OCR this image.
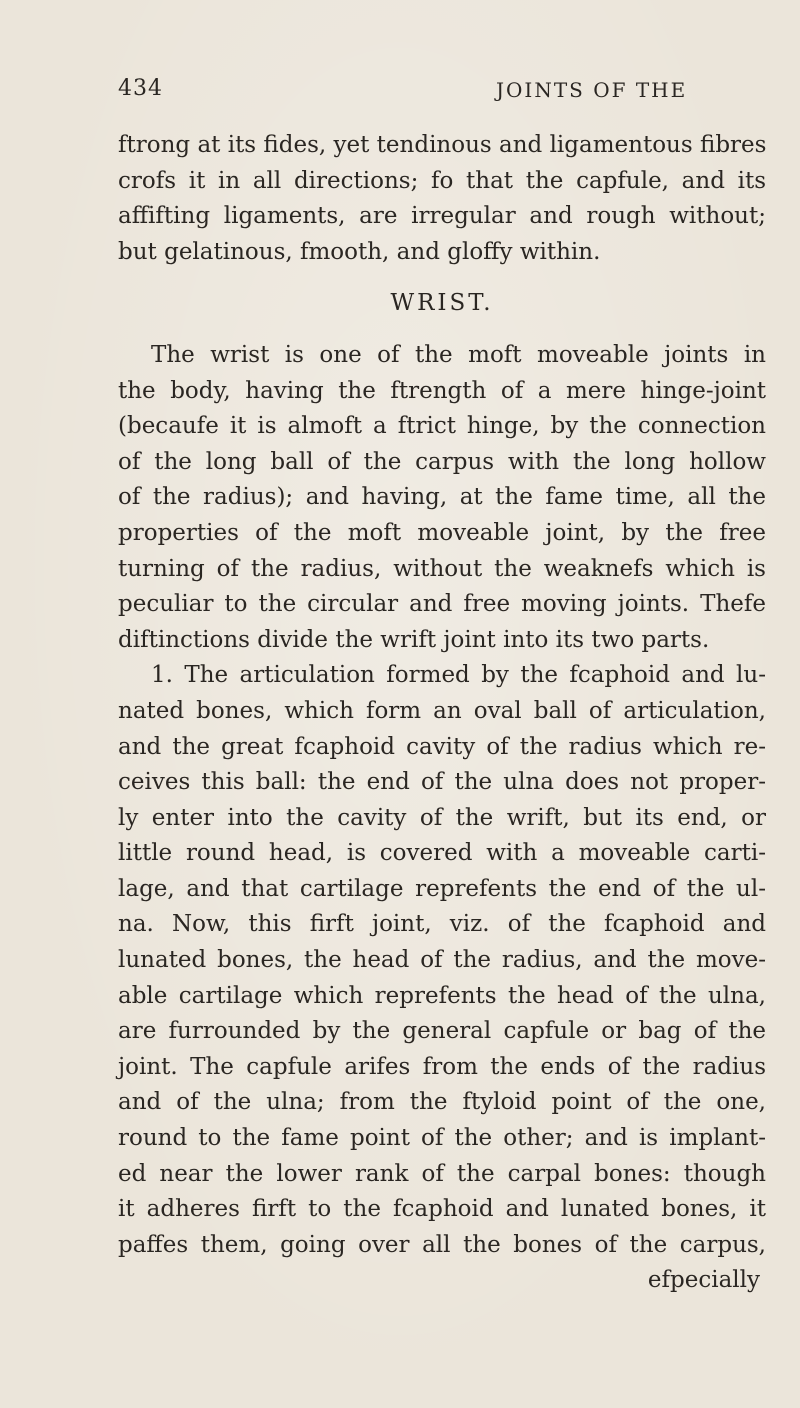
434	JOINTS OF THE
ftrong at its fides, yet tendinous and ligamentous fibres
crofs it in all directions; fo that the capfule, and its
affifting ligaments, are irregular and rough without;
but gelatinous, fmooth, and gloffy within.
WRIST.
The wrist is one of the moft moveable joints in
the body, having the ftrength of a mere hinge-joint
(becaufe it is almoft a ftrict hinge, by the connection
of the long ball of the carpus with the long hollow
of the radius); and having, at the fame time, all the
properties of the moft moveable joint, by the free
turning of the radius, without the weaknefs which is
peculiar to the circular and free moving joints. Thefe
diftinctions divide the wrift joint into its two parts.
1. The articulation formed by the fcaphoid and lu-
nated bones, which form an oval ball of articulation,
and the great fcaphoid cavity of the radius which re-
ceives this ball: the end of the ulna does not proper-
ly enter into the cavity of the wrift, but its end, or
little round head, is covered with a moveable carti-
lage, and that cartilage reprefents the end of the ul-
na. Now, this firft joint, viz. of the fcaphoid and
lunated bones, the head of the radius, and the move-
able cartilage which reprefents the head of the ulna,
are furrounded by the general capfule or bag of the
joint. The capfule arifes from the ends of the radius
and of the ulna; from the ftyloid point of the one,
round to the fame point of the other; and is implant-
ed near the lower rank of the carpal bones: though
it adheres firft to the fcaphoid and lunated bones, it
paffes them, going over all the bones of the carpus,
efpecially
